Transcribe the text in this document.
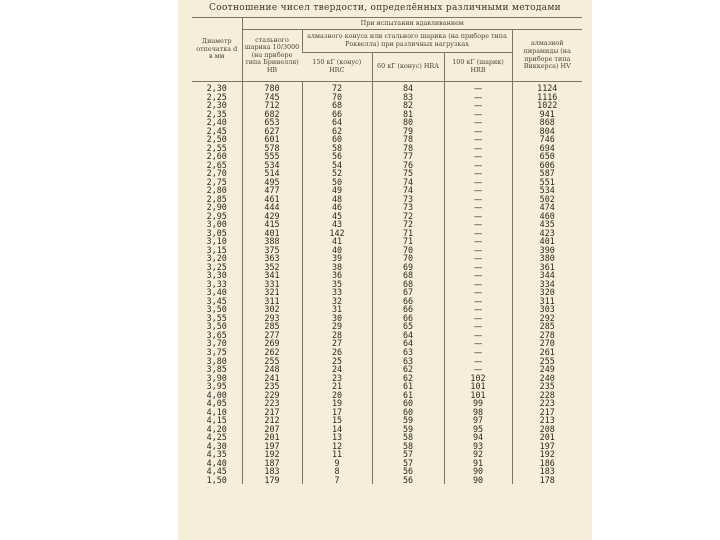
Соотношение чисел твердости, определённых различными методами
Диаметр отпечатка d в мм	При испытании вдавливанием				
	стального шарика 10/3000 (на приборе типа Бринелля) HB	алмазного конуса или стального шарика (на приборе типа Роквелла) при различных нагрузках			алмазной пирамиды (на приборе типа Виккерса) HV
		150 кГ (конус) HRC	60 кГ (конус) HRA	100 кГ (шарик) HRB	
2,30	780	72	84	—	1124
2,25	745	70	83	—	1116
2,30	712	68	82	—	1022
2,35	682	66	81	—	941
2,40	653	64	80	—	868
2,45	627	62	79	—	804
2,50	601	60	78	—	746
2,55	578	58	78	—	694
2,60	555	56	77	—	650
2,65	534	54	76	—	606
2,70	514	52	75	—	587
2,75	495	50	74	—	551
2,80	477	49	74	—	534
2,85	461	48	73	—	502
2,90	444	46	73	—	474
2,95	429	45	72	—	460
3,00	415	43	72	—	435
3,05	401	142	71	—	423
3,10	388	41	71	—	401
3,15	375	40	70	—	390
3,20	363	39	70	—	380
3,25	352	38	69	—	361
3,30	341	36	68	—	344
3,33	331	35	68	—	334
3,40	321	33	67	—	320
3,45	311	32	66	—	311
3,50	302	31	66	—	303
3,55	293	30	66	—	292
3,50	285	29	65	—	285
3,65	277	28	64	—	278
3,70	269	27	64	—	270
3,75	262	26	63	—	261
3,80	255	25	63	—	255
3,85	248	24	62	—	249
3,90	241	23	62	102	240
3,95	235	21	61	101	235
4,00	229	20	61	101	228
4,05	223	19	60	99	223
4,10	217	17	60	98	217
4,15	212	15	59	97	213
4,20	207	14	59	95	208
4,25	201	13	58	94	201
4,30	197	12	58	93	197
4,35	192	11	57	92	192
4,40	187	9	57	91	186
4,45	183	8	56	90	183
1,50	179	7	56	90	178
